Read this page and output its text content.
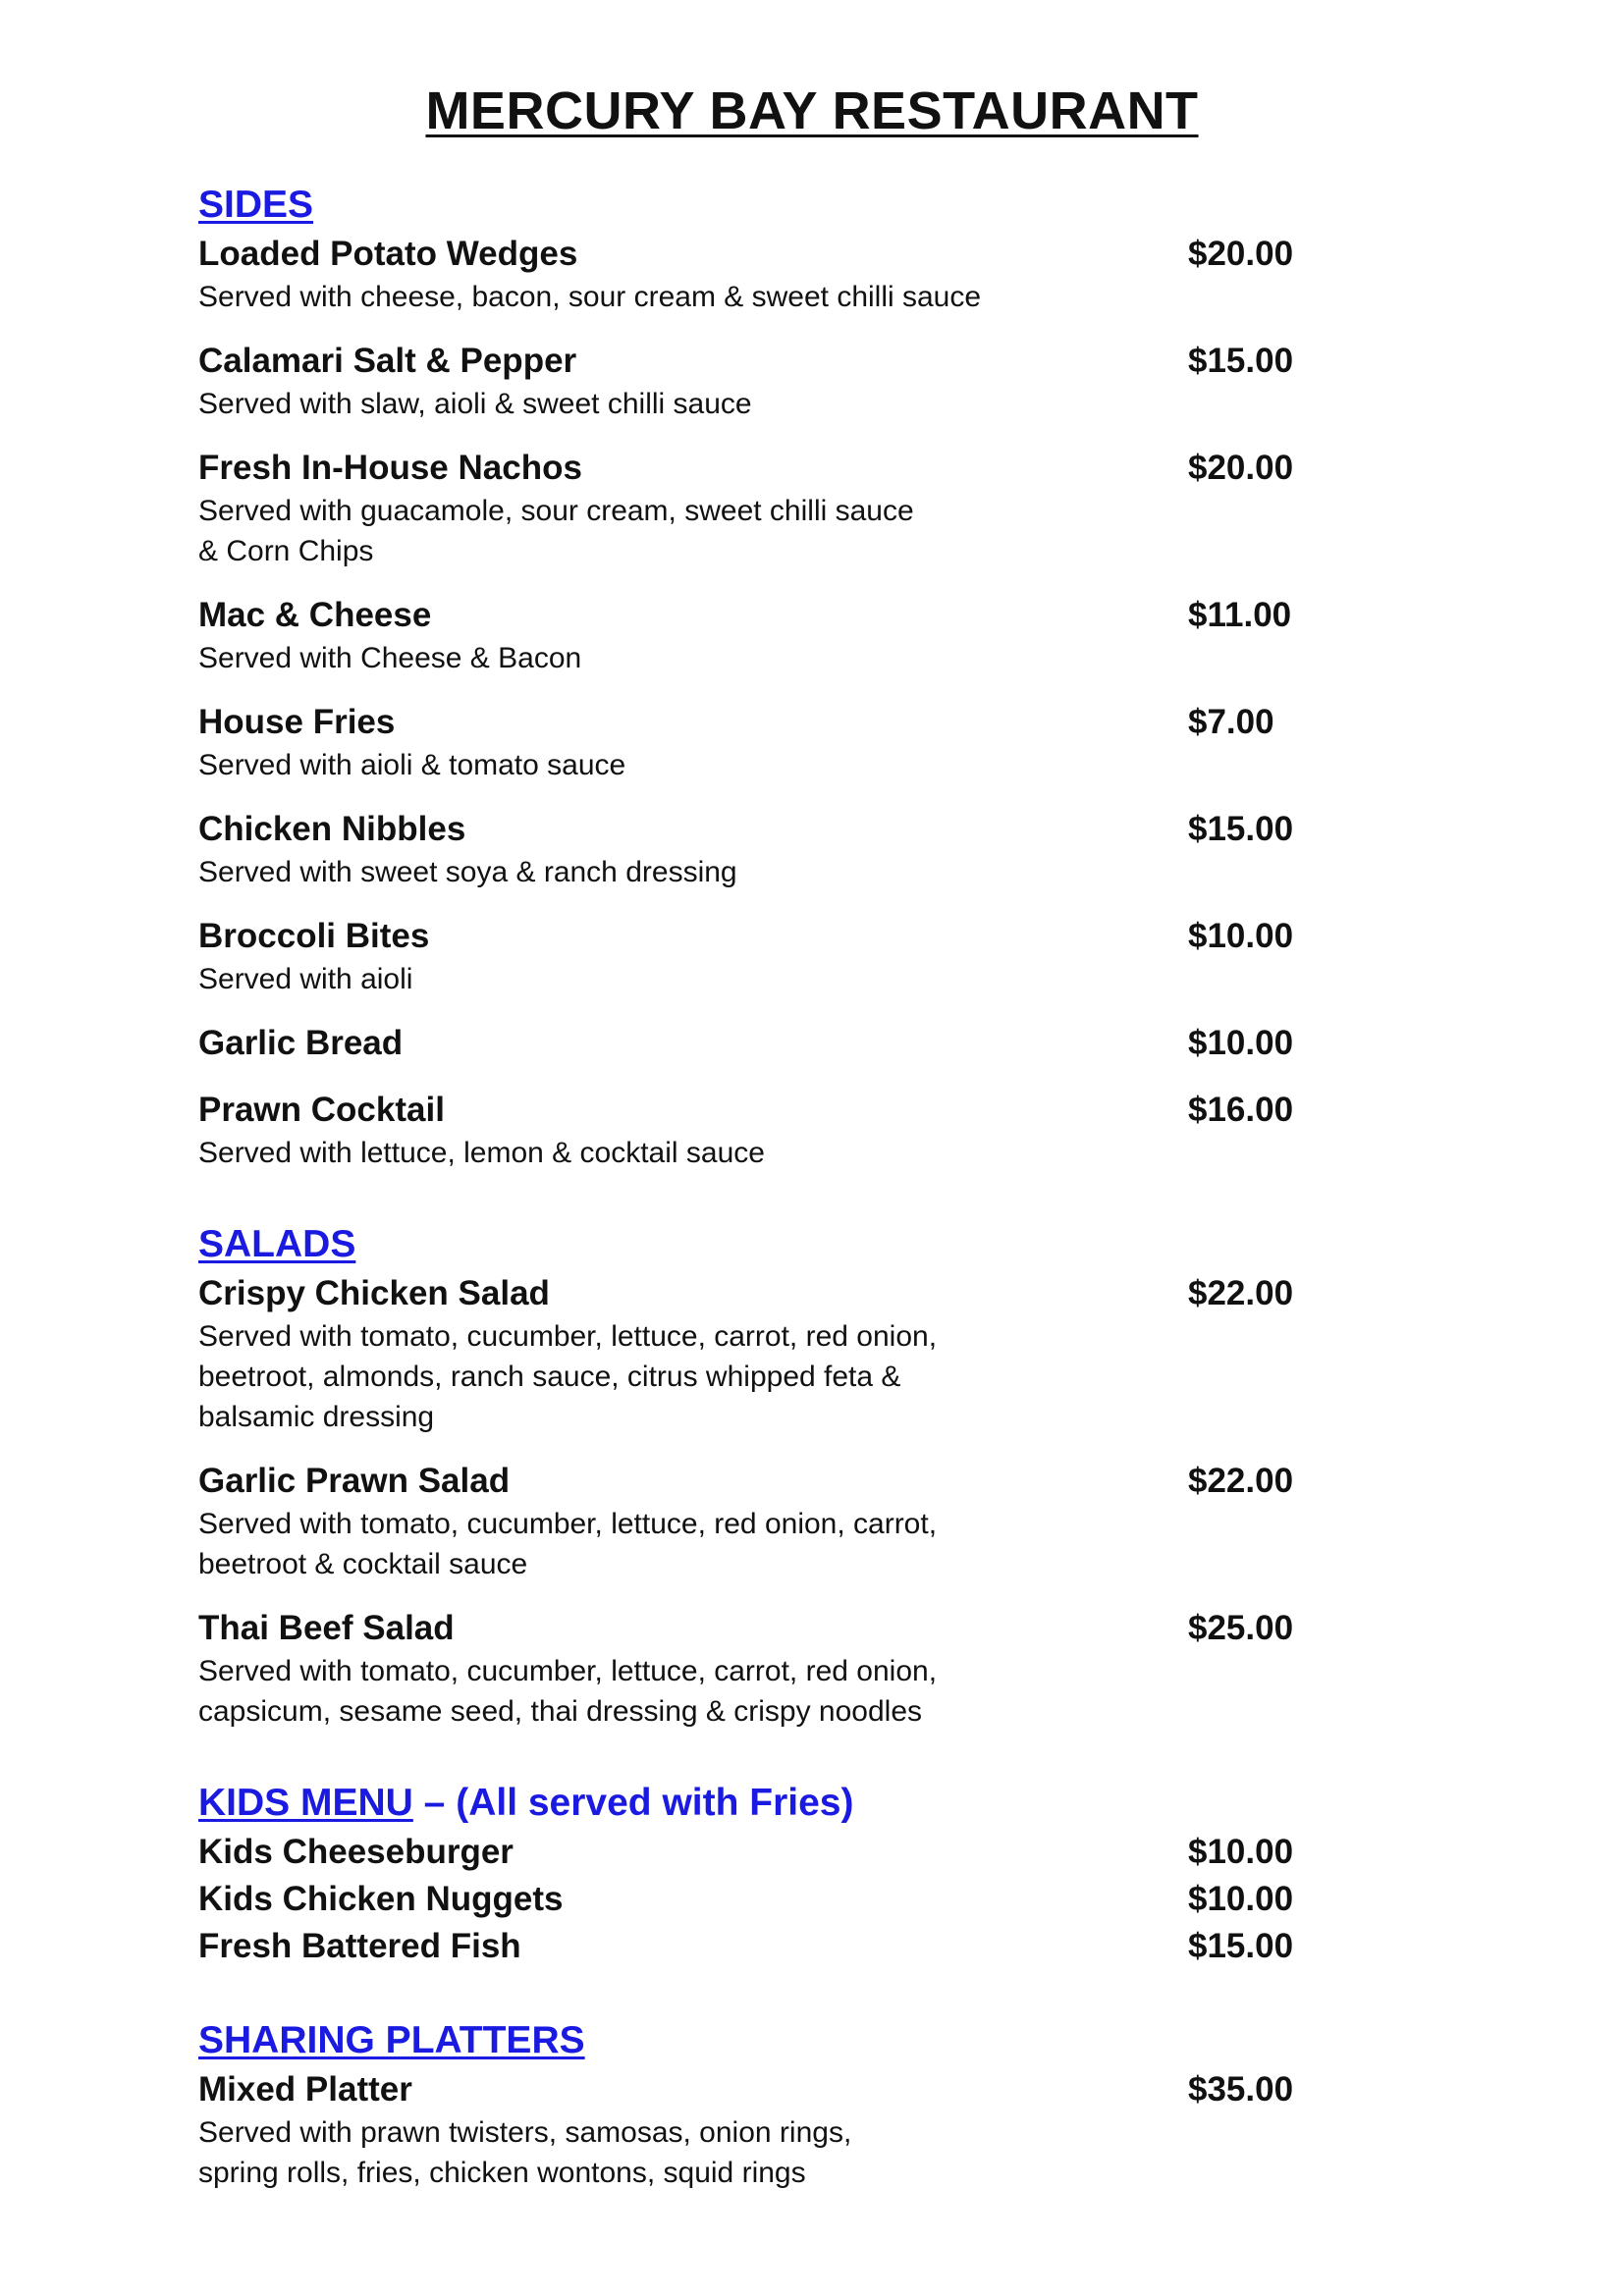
MERCURY BAY RESTAURANT
SIDES
Loaded Potato Wedges	$20.00
Served with cheese, bacon, sour cream & sweet chilli sauce
Calamari Salt & Pepper	$15.00
Served with slaw, aioli & sweet chilli sauce
Fresh In-House Nachos	$20.00
Served with guacamole, sour cream, sweet chilli sauce
& Corn Chips
Mac & Cheese	$11.00
Served with Cheese & Bacon
House Fries	$7.00
Served with aioli & tomato sauce
Chicken Nibbles	$15.00
Served with sweet soya & ranch dressing
Broccoli Bites	$10.00
Served with aioli
Garlic Bread	$10.00
Prawn Cocktail	$16.00
Served with lettuce, lemon & cocktail sauce
SALADS
Crispy Chicken Salad	$22.00
Served with tomato, cucumber, lettuce, carrot, red onion,
beetroot, almonds, ranch sauce, citrus whipped feta &
balsamic dressing
Garlic Prawn Salad	$22.00
Served with tomato, cucumber, lettuce, red onion, carrot,
beetroot & cocktail sauce
Thai Beef Salad	$25.00
Served with tomato, cucumber, lettuce, carrot, red onion,
capsicum, sesame seed, thai dressing & crispy noodles
KIDS MENU – (All served with Fries)
Kids Cheeseburger	$10.00
Kids Chicken Nuggets	$10.00
Fresh Battered Fish	$15.00
SHARING PLATTERS
Mixed Platter	$35.00
Served with prawn twisters, samosas, onion rings,
spring rolls, fries, chicken wontons, squid rings
